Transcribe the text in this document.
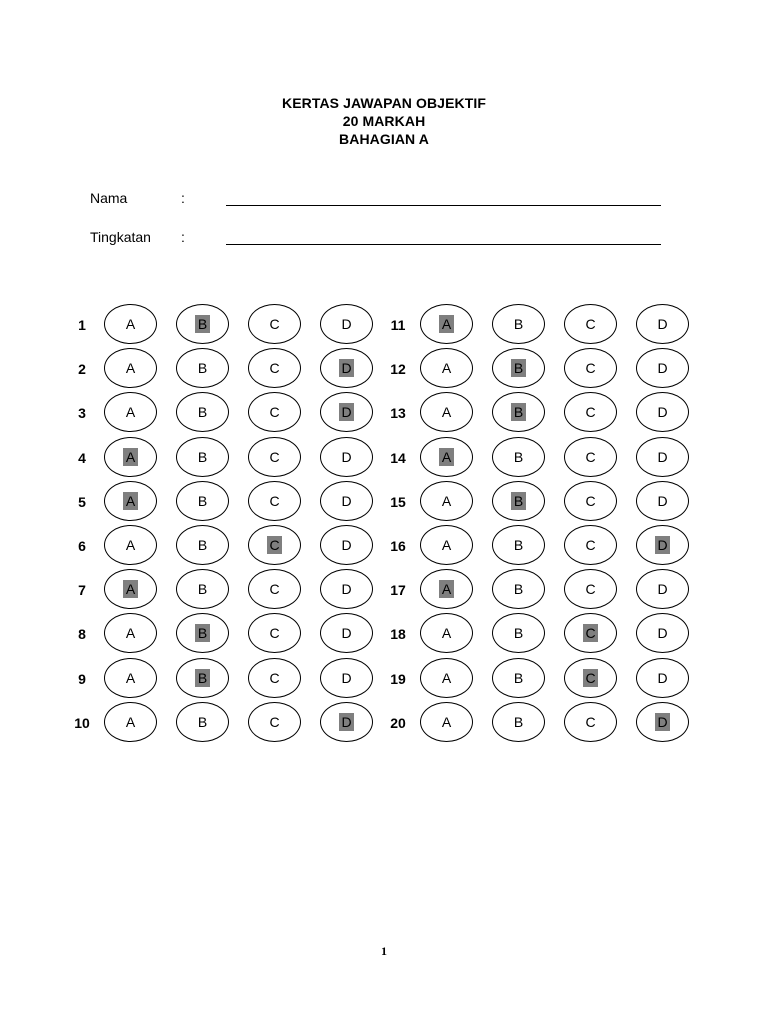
KERTAS JAWAPAN OBJEKTIF
20 MARKAH
BAHAGIAN A
Nama	:
Tingkatan :
1	A	B	C	D
2	A	B	C	D
3	A	B	C	D
4	A	B	C	D
5	A	B	C	D
6	A	B	C	D
7	A	B	C	D
8	A	B	C	D
9	A	B	C	D
10	A	B	C	D
11	A	B	C	D
12	A	B	C	D
13	A	B	C	D
14	A	B	C	D
15	A	B	C	D
16	A	B	C	D
17	A	B	C	D
18	A	B	C	D
19	A	B	C	D
20	A	B	C	D
1
